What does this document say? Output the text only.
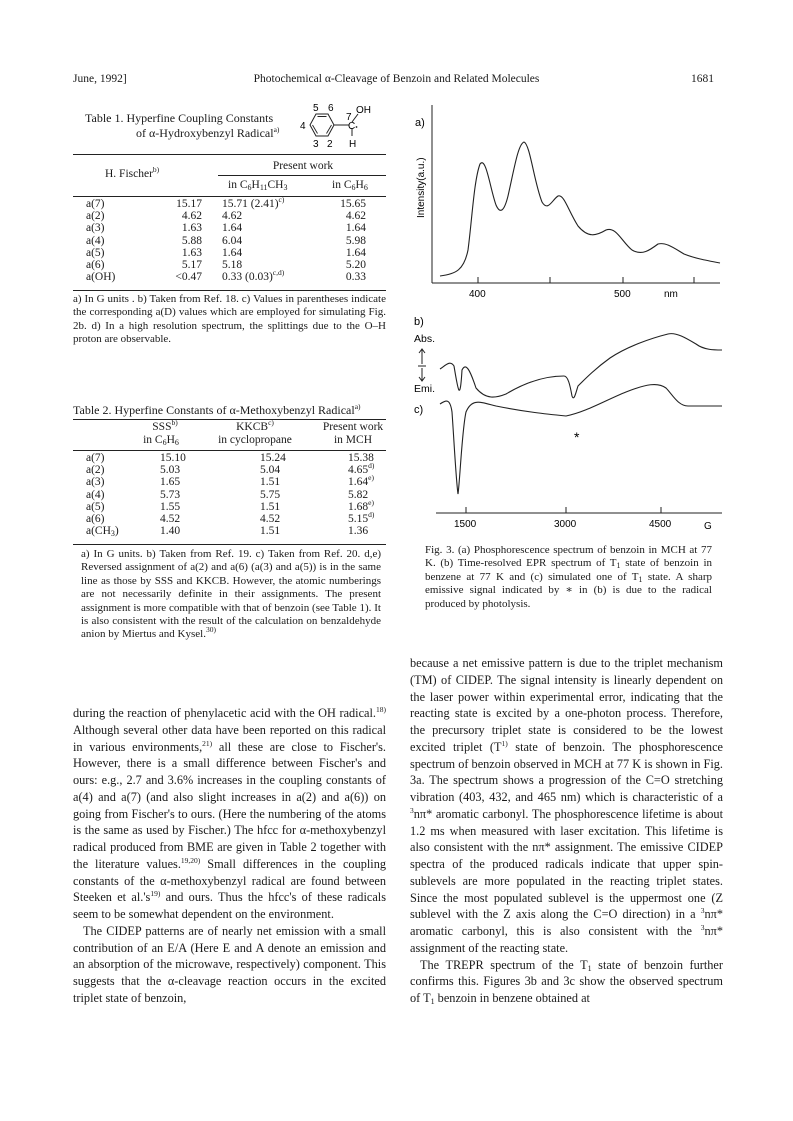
June, 1992]	Photochemical α-Cleavage of Benzoin and Related Molecules	1681
Table 1. Hyperfine Coupling Constants
of α-Hydroxybenzyl Radical$^{a)}$
5 6
4
3 2
7
OH
C
H
Present work
H. Fischer$^{b)}$
in $C_6H_{11}CH_3$	in $C_6H_6$
a(7)	15.17	15.71 $(2.41)^{c)}$	15.65
a(2)	4.62	4.62	4.62
a(3)	1.63	1.64	1.64
a(4)	5.88	6.04	5.98
a(5)	1.63	1.64	1.64
a(6)	5.17	5.18	5.20
a(OH)	<0.47	0.33 $(0.03)^{c,d)}$	0.33
a) In G units . b) Taken from Ref. 18. c) Values in parentheses indicate the corresponding a(D) values which are employed for simulating Fig. 2b. d) In a high resolution spectrum, the splittings due to the O–H proton are observable.
Table 2. Hyperfine Constants of α-Methoxybenzyl Radical$^{a)}$
SSS$^{b)}$
in $C_6H_6$
KKCB$^{c)}$
in cyclopropane
Present work
in MCH
a(7)	15.10	15.24	15.38
a(2)	5.03	5.04	4.65$^{d)}$
a(3)	1.65	1.51	1.64$^{e)}$
a(4)	5.73	5.75	5.82
a(5)	1.55	1.51	1.68$^{e)}$
a(6)	4.52	4.52	5.15$^{d)}$
$a(CH_3)$	1.40	1.51	1.36
a) In G units. b) Taken from Ref. 19. c) Taken from Ref. 20. d,e) Reversed assignment of a(2) and a(6) (a(3) and a(5)) is in the same line as those by SSS and KKCB. However, the atomic numberings are not necessarily definite in their assignments. The present assignment is more compatible with that of benzoin (see Table 1). It is also consistent with the result of the calculation on benzaldehyde anion by Miertus and Kysel.$^{30)}$

during the reaction of phenylacetic acid with the OH radical.$^{18)}$ Although several other data have been reported on this radical in various environments,$^{21)}$ all these are close to Fischer's. However, there is a small difference between Fischer's and ours: e.g., 2.7 and 3.6% increases in the coupling constants of a(4) and a(7) (and also slight increases in a(2) and a(6)) on going from Fischer's to ours. (Here the numbering of the atoms is the same as used by Fischer.) The hfcc for α-methoxybenzyl radical produced from BME are given in Table 2 together with the literature values.$^{19,20)}$ Small differences in the coupling constants of the α-methoxybenzyl radical are found between Steeken et $al.'s^{19)}$ and ours. Thus the hfcc's of these radicals seem to be somewhat dependent on the environment.

The CIDEP patterns are of nearly net emission with a small contribution of an E/A (Here E and A denote an emission and an absorption of the microwave, respectively) component. This suggests that the α-cleavage reaction occurs in the excited triplet state of benzoin,

a)
Intensity(a.u.)
400	500	nm
b)
Abs.
Emi.
c)
*
1500	3000	4500	G
Fig. 3. (a) Phosphorescence spectrum of benzoin in MCH at 77 K. (b) Time-resolved EPR spectrum of $T_1$ state of benzoin in benzene at 77 K and (c) simulated one of $T_1$ state. A sharp emissive signal indicated by ∗ in (b) is due to the radical produced by photolysis.

because a net emissive pattern is due to the triplet mechanism (TM) of CIDEP. The signal intensity is linearly dependent on the laser power within experimental error, indicating that the reacting state is excited by a one-photon process. Therefore, the precursory triplet state is considered to be the lowest excited triplet ($T^{1)}$ state of benzoin. The phosphorescence spectrum of benzoin observed in MCH at 77 K is shown in Fig. 3a. The spectrum shows a progression of the C=O stretching vibration (403, 432, and 465 nm) which is characteristic of a $^3$nπ* aromatic carbonyl. The phosphorescence lifetime is about 1.2 ms when measured with laser excitation. This lifetime is also consistent with the nπ* assignment. The emissive CIDEP spectra of the produced radicals indicate that upper spin-sublevels are more populated in the reacting triplet states. Since the most populated sublevel is the uppermost one (Z sublevel with the Z axis along the C=O direction) in a $^3$nπ* aromatic carbonyl, this is also consistent with the $^3$nπ* assignment of the reacting state.

The TREPR spectrum of the $T_1$ state of benzoin further confirms this. Figures 3b and 3c show the observed spectrum of $T_1$ benzoin in benzene obtained at
